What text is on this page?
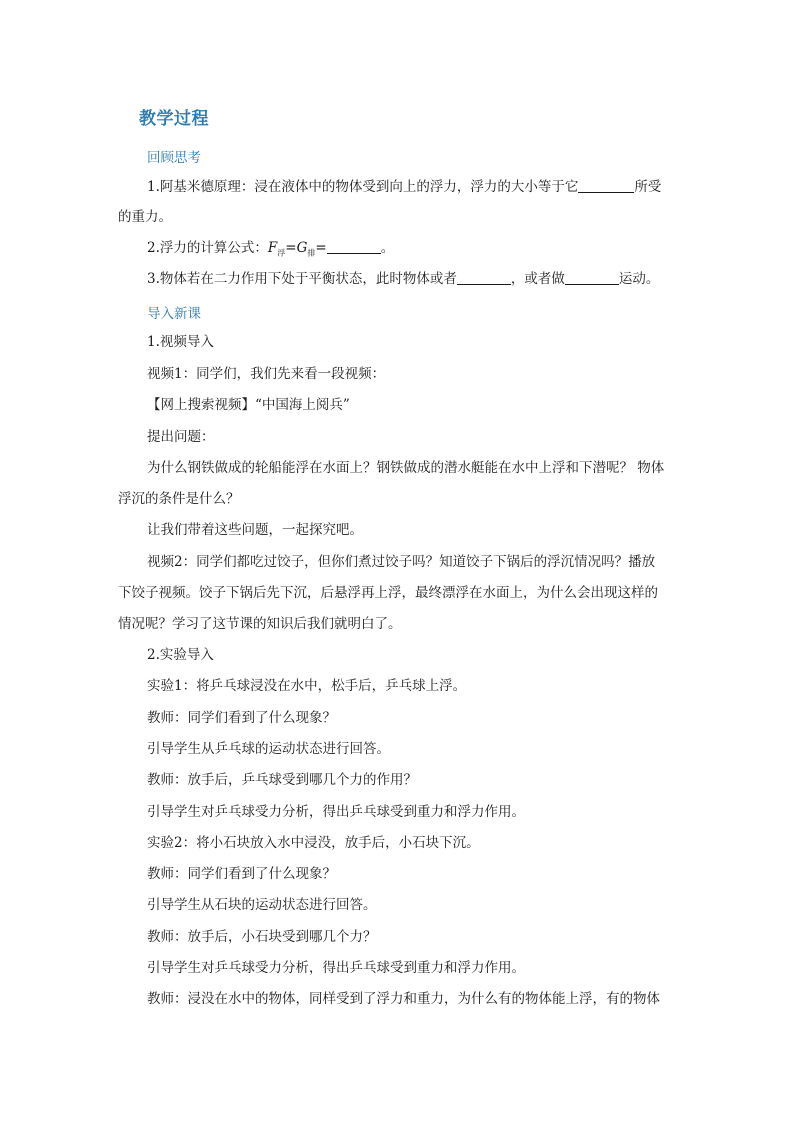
教学过程
回顾思考
1.阿基米德原理：浸在液体中的物体受到向上的浮力，浮力的大小等于它	所受
的重力。
2.浮力的计算公式：$F_浮=G_排=$	。
3.物体若在二力作用下处于平衡状态，此时物体或者	，或者做	运动。
导入新课
1.视频导入
视频1：同学们，我们先来看一段视频：
【网上搜索视频】“中国海上阅兵”
提出问题：
为什么钢铁做成的轮船能浮在水面上？钢铁做成的潜水艇能在水中上浮和下潜呢？ 物体
浮沉的条件是什么？
让我们带着这些问题，一起探究吧。
视频2：同学们都吃过饺子，但你们煮过饺子吗？知道饺子下锅后的浮沉情况吗？播放
下饺子视频。饺子下锅后先下沉，后悬浮再上浮，最终漂浮在水面上，为什么会出现这样的
情况呢？学习了这节课的知识后我们就明白了。
2.实验导入
实验1：将乒乓球浸没在水中，松手后，乒乓球上浮。
教师：同学们看到了什么现象？
引导学生从乒乓球的运动状态进行回答。
教师：放手后，乒乓球受到哪几个力的作用？
引导学生对乒乓球受力分析，得出乒乓球受到重力和浮力作用。
实验2：将小石块放入水中浸没，放手后，小石块下沉。
教师：同学们看到了什么现象？
引导学生从石块的运动状态进行回答。
教师：放手后，小石块受到哪几个力？
引导学生对乒乓球受力分析，得出乒乓球受到重力和浮力作用。
教师：浸没在水中的物体，同样受到了浮力和重力，为什么有的物体能上浮，有的物体
